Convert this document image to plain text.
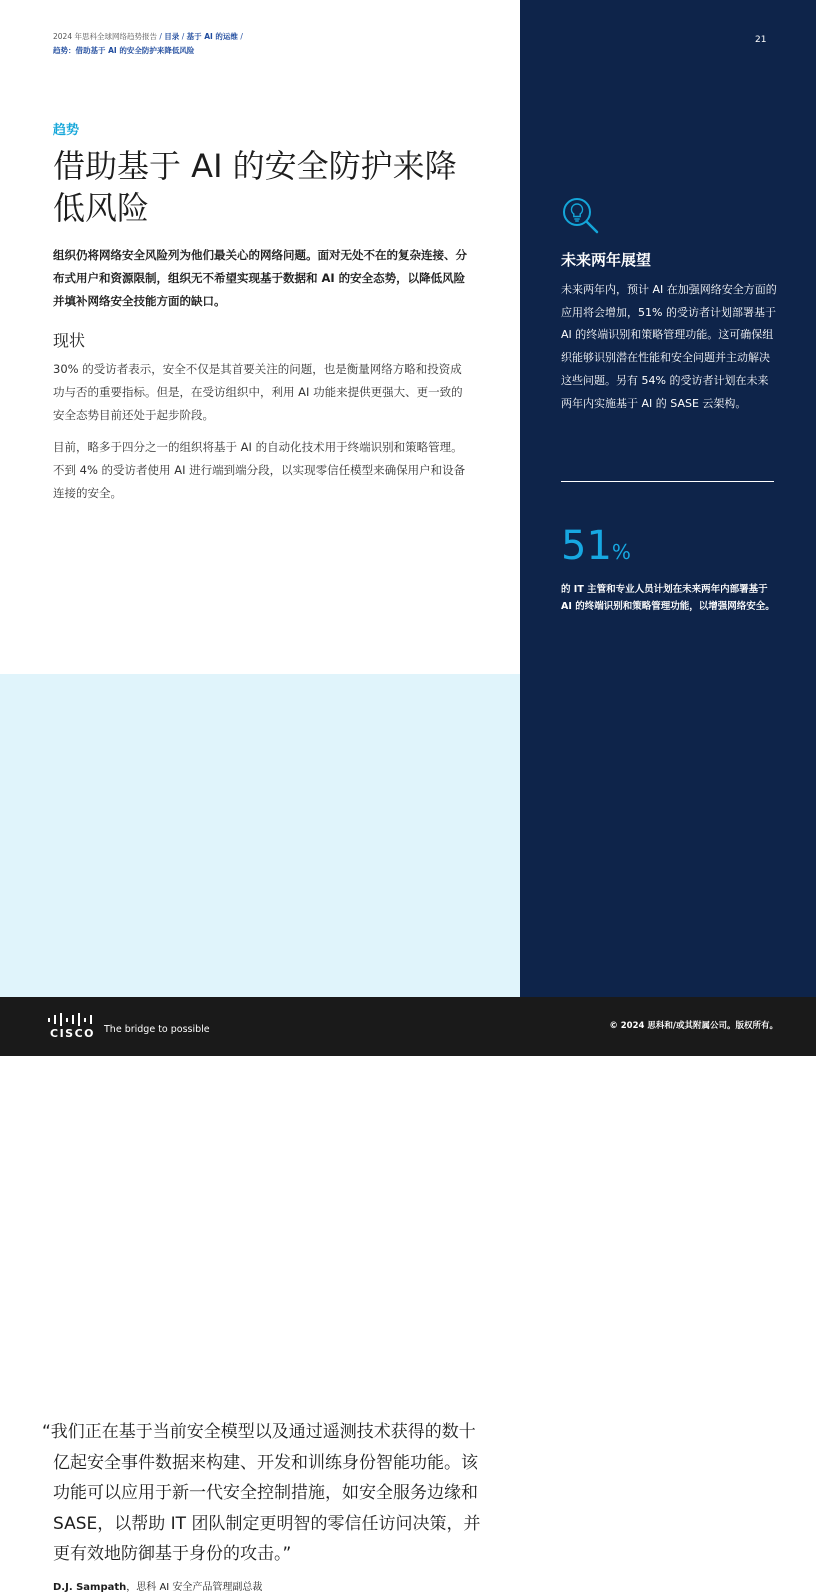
2024 年思科全球网络趋势报告 / 目录 / 基于 AI 的运维 /
趋势：借助基于 AI 的安全防护来降低风险
趋势
借助基于 AI 的安全防护来降低风险

组织仍将网络安全风险列为他们最关心的网络问题。面对无处不在的复杂连接、分布式用户和资源限制，组织无不希望实现基于数据和 AI 的安全态势，以降低风险并填补网络安全技能方面的缺口。

现状

30% 的受访者表示，安全不仅是其首要关注的问题，也是衡量网络方略和投资成功与否的重要指标。但是，在受访组织中，利用 AI 功能来提供更强大、更一致的安全态势目前还处于起步阶段。

目前，略多于四分之一的组织将基于 AI 的自动化技术用于终端识别和策略管理。不到 4% 的受访者使用 AI 进行端到端分段，以实现零信任模型来确保用户和设备连接的安全。

“我们正在基于当前安全模型以及通过遥测技术获得的数十亿起安全事件数据来构建、开发和训练身份智能功能。该功能可以应用于新一代安全控制措施，如安全服务边缘和 SASE，以帮助 IT 团队制定更明智的零信任访问决策，并更有效地防御基于身份的攻击。”

D.J. Sampath，思科 AI 安全产品管理副总裁
21
未来两年展望

未来两年内，预计 AI 在加强网络安全方面的应用将会增加，51% 的受访者计划部署基于 AI 的终端识别和策略管理功能。这可确保组织能够识别潜在性能和安全问题并主动解决这些问题。另有 54% 的受访者计划在未来两年内实施基于 AI 的 SASE 云架构。

51%

的 IT 主管和专业人员计划在未来两年内部署基于 AI 的终端识别和策略管理功能，以增强网络安全。

CISCO The bridge to possible	© 2024 思科和/或其附属公司。版权所有。
